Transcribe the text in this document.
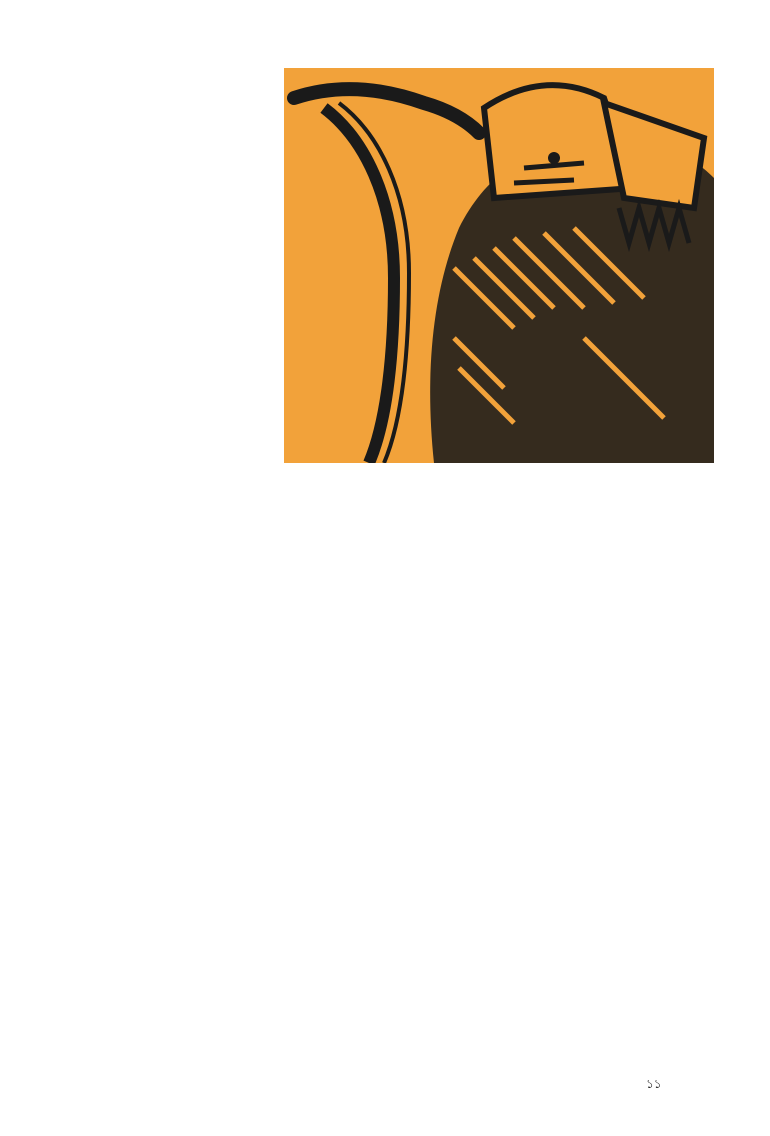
১১
